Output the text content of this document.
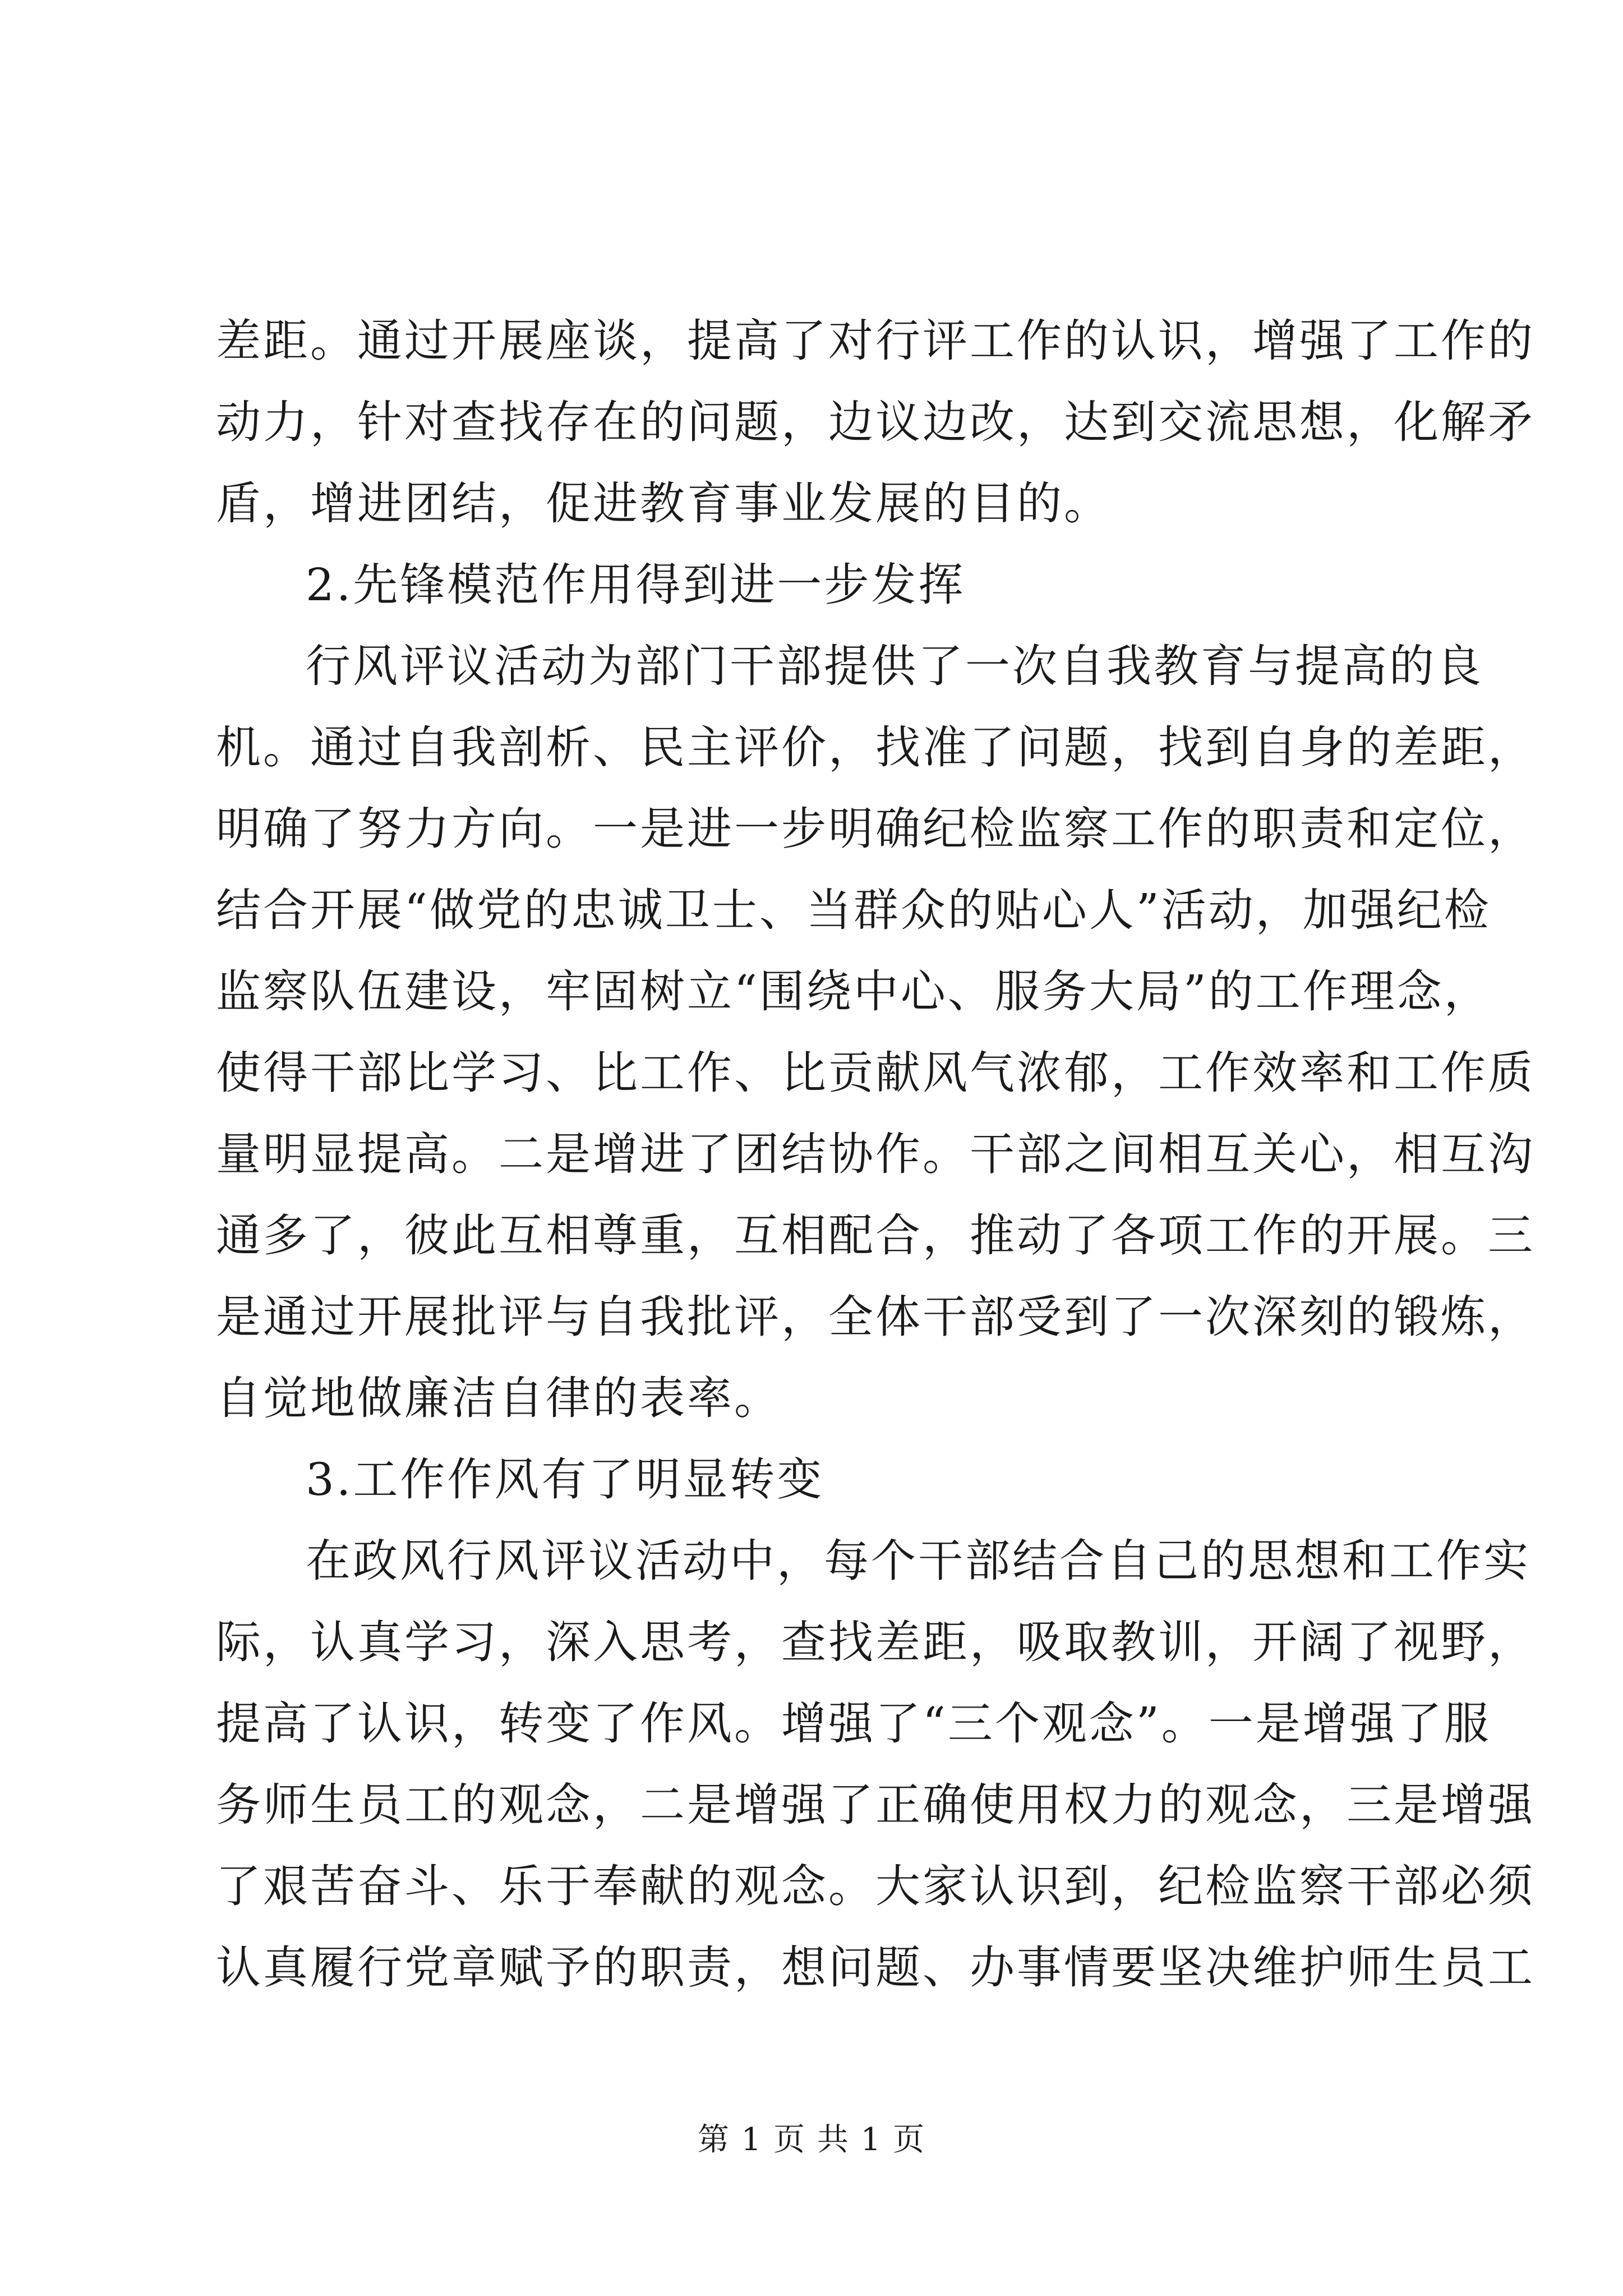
差距。通过开展座谈，提高了对行评工作的认识，增强了工作的
动力，针对查找存在的问题，边议边改，达到交流思想，化解矛
盾，增进团结，促进教育事业发展的目的。
2.先锋模范作用得到进一步发挥
行风评议活动为部门干部提供了一次自我教育与提高的良
机。通过自我剖析、民主评价，找准了问题，找到自身的差距，
明确了努力方向。一是进一步明确纪检监察工作的职责和定位，
结合开展“做党的忠诚卫士、当群众的贴心人”活动，加强纪检
监察队伍建设，牢固树立“围绕中心、服务大局”的工作理念，
使得干部比学习、比工作、比贡献风气浓郁，工作效率和工作质
量明显提高。二是增进了团结协作。干部之间相互关心，相互沟
通多了，彼此互相尊重，互相配合，推动了各项工作的开展。三
是通过开展批评与自我批评，全体干部受到了一次深刻的锻炼，
自觉地做廉洁自律的表率。
3.工作作风有了明显转变
在政风行风评议活动中，每个干部结合自己的思想和工作实
际，认真学习，深入思考，查找差距，吸取教训，开阔了视野，
提高了认识，转变了作风。增强了“三个观念”。一是增强了服
务师生员工的观念，二是增强了正确使用权力的观念，三是增强
了艰苦奋斗、乐于奉献的观念。大家认识到，纪检监察干部必须
认真履行党章赋予的职责，想问题、办事情要坚决维护师生员工
第 1 页 共 1 页
